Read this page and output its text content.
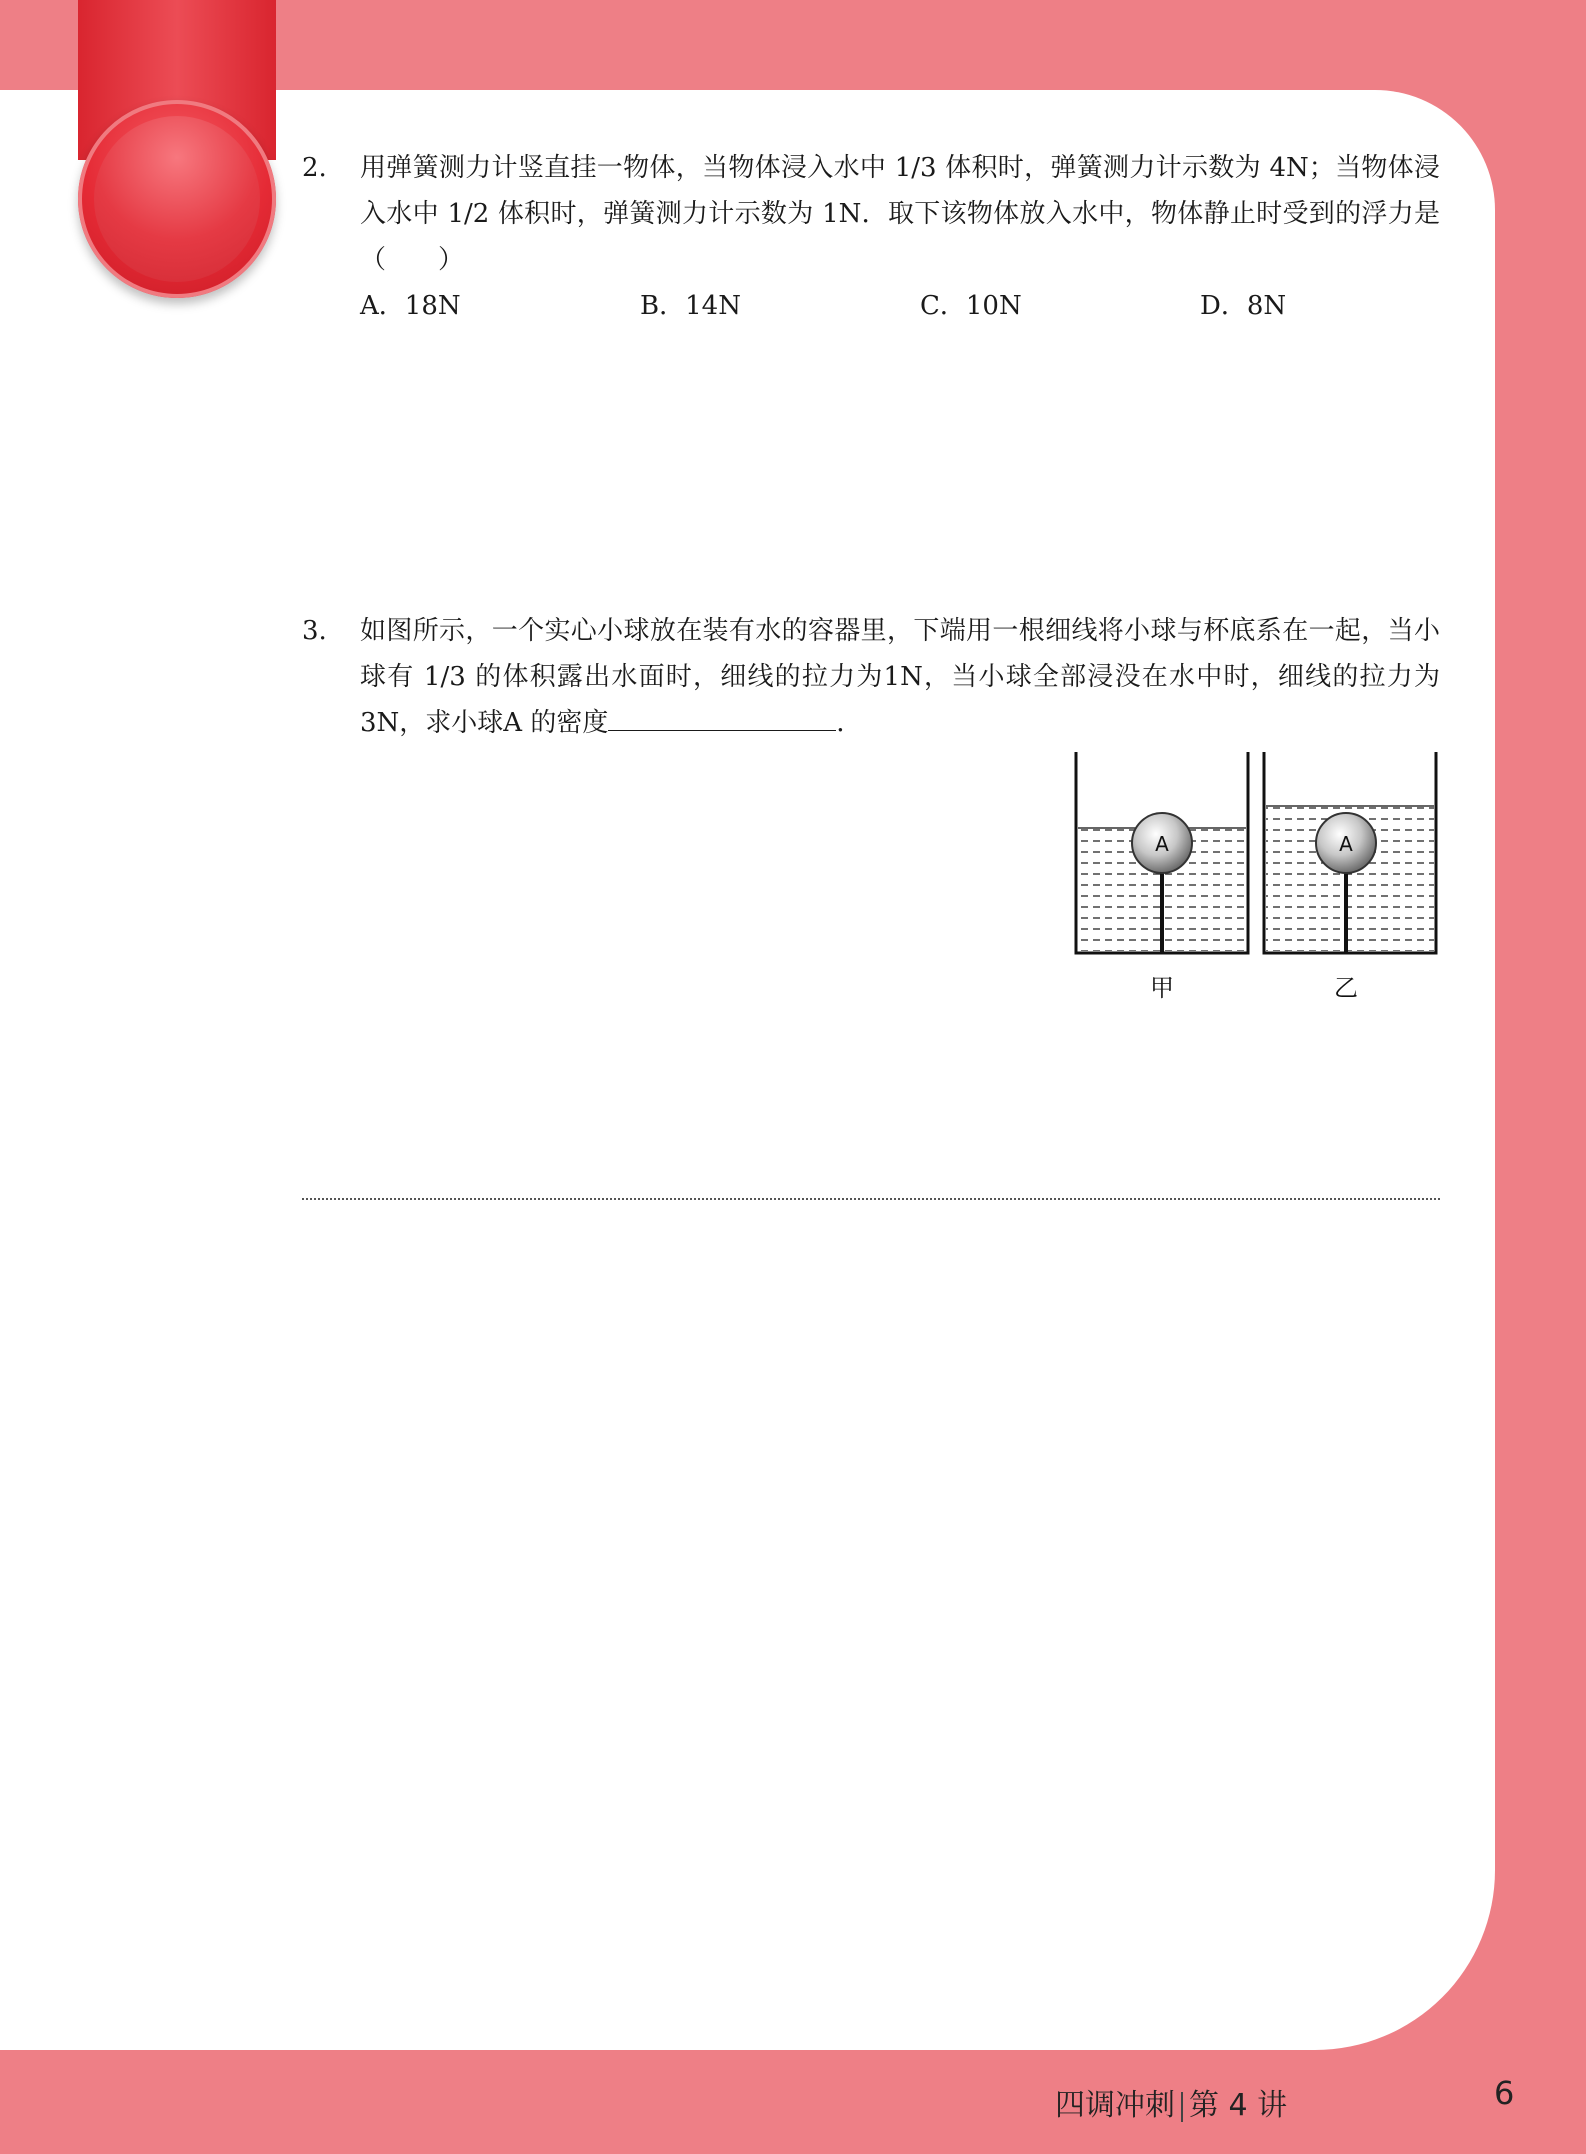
2. 用弹簧测力计竖直挂一物体，当物体浸入水中 1/3 体积时，弹簧测力计示数为 4N；当物体浸入水中 1/2 体积时，弹簧测力计示数为 1N．取下该物体放入水中，物体静止时受到的浮力是（　　）
A．18N	B．14N	C．10N	D．8N
3. 如图所示，一个实心小球放在装有水的容器里，下端用一根细线将小球与杯底系在一起，当小球有 1/3 的体积露出水面时，细线的拉力为1N，当小球全部浸没在水中时，细线的拉力为3N，求小球A 的密度	．
A
甲
A
乙
四调冲刺 第 4 讲	6
